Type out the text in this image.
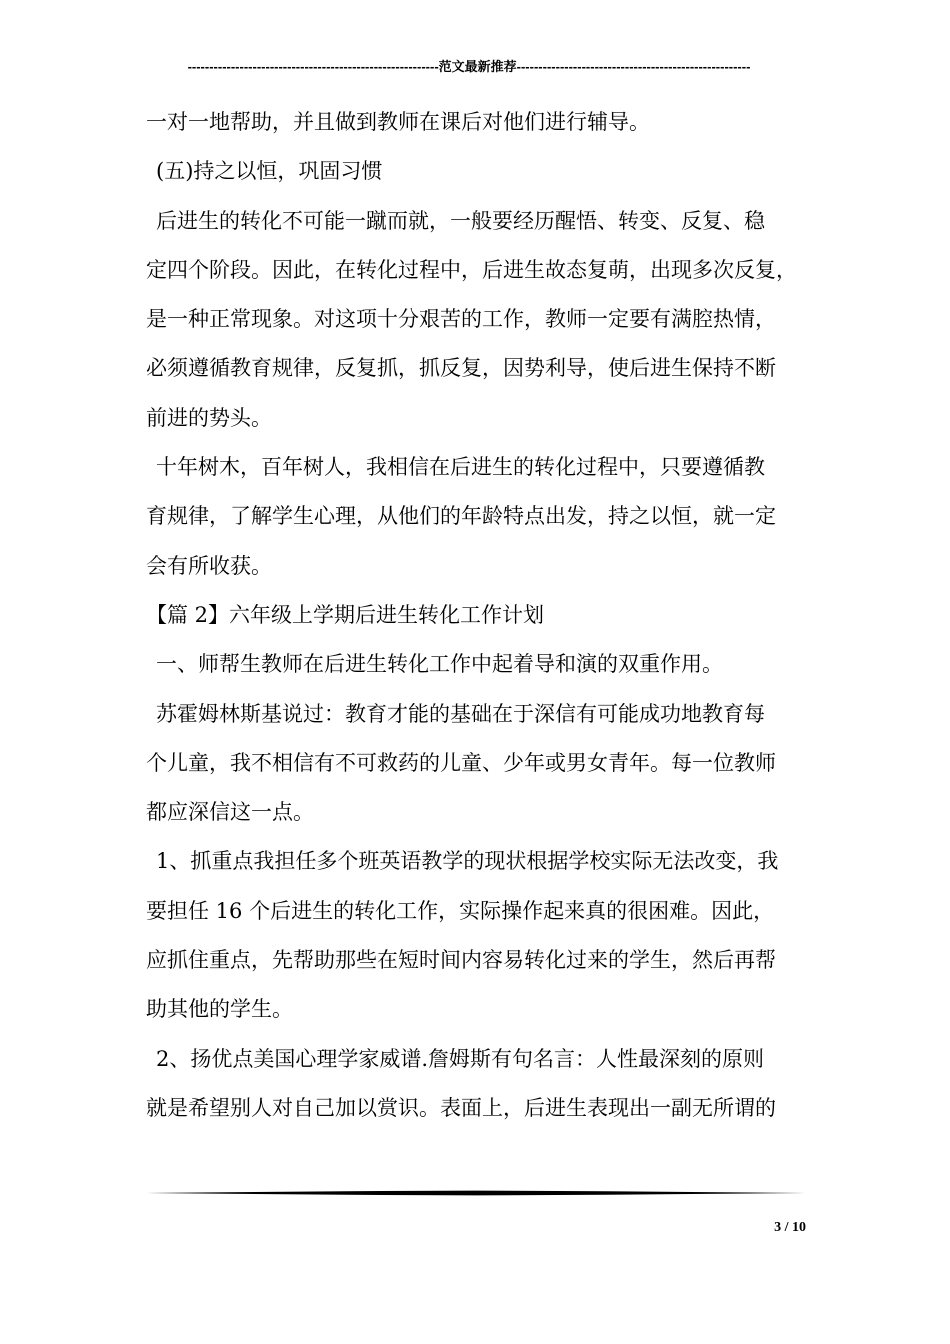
----------------------------------------------------------范文最新推荐------------------------------------------------------
一对一地帮助，并且做到教师在课后对他们进行辅导。
(五)持之以恒，巩固习惯
后进生的转化不可能一蹴而就，一般要经历醒悟、转变、反复、稳
定四个阶段。因此，在转化过程中，后进生故态复萌，出现多次反复，
是一种正常现象。对这项十分艰苦的工作，教师一定要有满腔热情，
必须遵循教育规律，反复抓，抓反复，因势利导，使后进生保持不断
前进的势头。
十年树木，百年树人，我相信在后进生的转化过程中，只要遵循教
育规律，了解学生心理，从他们的年龄特点出发，持之以恒，就一定
会有所收获。
【篇 2】六年级上学期后进生转化工作计划
一、师帮生教师在后进生转化工作中起着导和演的双重作用。
苏霍姆林斯基说过：教育才能的基础在于深信有可能成功地教育每
个儿童，我不相信有不可救药的儿童、少年或男女青年。每一位教师
都应深信这一点。
1、抓重点我担任多个班英语教学的现状根据学校实际无法改变，我
要担任 16 个后进生的转化工作，实际操作起来真的很困难。因此，
应抓住重点，先帮助那些在短时间内容易转化过来的学生，然后再帮
助其他的学生。
2、扬优点美国心理学家威谱.詹姆斯有句名言：人性最深刻的原则
就是希望别人对自己加以赏识。表面上，后进生表现出一副无所谓的
3 / 10
